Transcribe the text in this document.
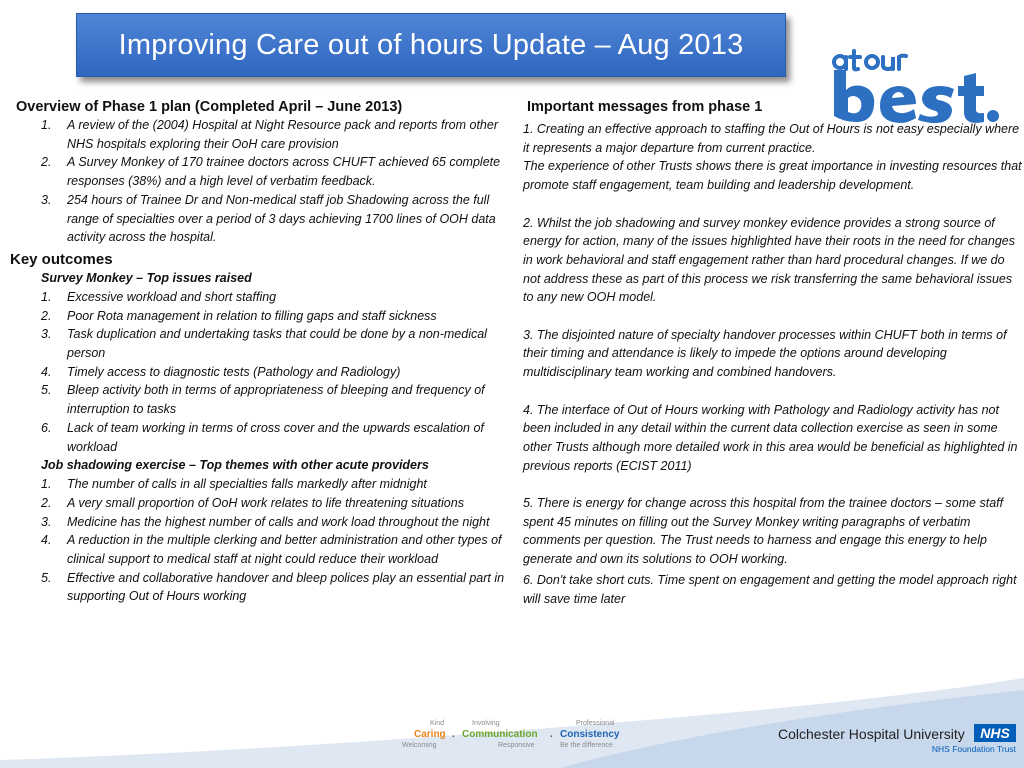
Improving Care out of hours Update – Aug 2013
Overview of Phase 1 plan (Completed April – June 2013)
1. A review of the (2004) Hospital at Night Resource pack and reports from other NHS hospitals exploring their OoH care provision
2. A Survey Monkey of 170 trainee doctors across CHUFT achieved 65 complete responses (38%) and a high level of verbatim feedback.
3. 254 hours of Trainee Dr and Non-medical staff job Shadowing across the full range of specialties over a period of 3 days achieving 1700 lines of OOH data activity across the hospital.
Key outcomes
Survey Monkey – Top issues raised
1. Excessive workload and short staffing
2. Poor Rota management in relation to filling gaps and staff sickness
3. Task duplication and undertaking tasks that could be done by a non-medical person
4. Timely access to diagnostic tests (Pathology and Radiology)
5. Bleep activity both in terms of appropriateness of bleeping and frequency of interruption to tasks
6. Lack of team working in terms of cross cover and the upwards escalation of workload
Job shadowing exercise – Top themes with other acute providers
1. The number of calls in all specialties falls markedly after midnight
2. A very small proportion of OoH work relates to life threatening situations
3. Medicine has the highest number of calls and work load throughout the night
4. A reduction in the multiple clerking and better administration and other types of clinical support to medical staff at night could reduce their workload
5. Effective and collaborative handover and bleep polices play an essential part in supporting Out of Hours working
Important messages from phase 1
1. Creating an effective approach to staffing the Out of Hours is not easy especially where it represents a major departure from current practice.
The experience of other Trusts shows there is great importance in investing resources that promote staff engagement, team building and leadership development.
2. Whilst the job shadowing and survey monkey evidence provides a strong source of energy for action, many of the issues highlighted have their roots in the need for changes in work behavioral and staff engagement rather than hard procedural changes. If we do not address these as part of this process we risk transferring the same behavioral issues to any new OOH model.
3. The disjointed nature of specialty handover processes within CHUFT both in terms of their timing and attendance is likely to impede the options around developing multidisciplinary team working and combined handovers.
4. The interface of Out of Hours working with Pathology and Radiology activity has not been included in any detail within the current data collection exercise as seen in some other Trusts although more detailed work in this area would be beneficial as highlighted in previous reports (ECIST 2011)
5. There is energy for change across this hospital from the trainee doctors – some staff spent 45 minutes on filling out the Survey Monkey writing paragraphs of verbatim comments per question. The Trust needs to harness and engage this energy to help generate and own its solutions to OOH working.
6. Don't take short cuts. Time spent on engagement and getting the model approach right will save time later
Kind
Caring
Welcoming
.
Involving
Communication
Responsive
.
Professional
Consistency
Be the difference
Colchester Hospital University	NHS
NHS Foundation Trust
